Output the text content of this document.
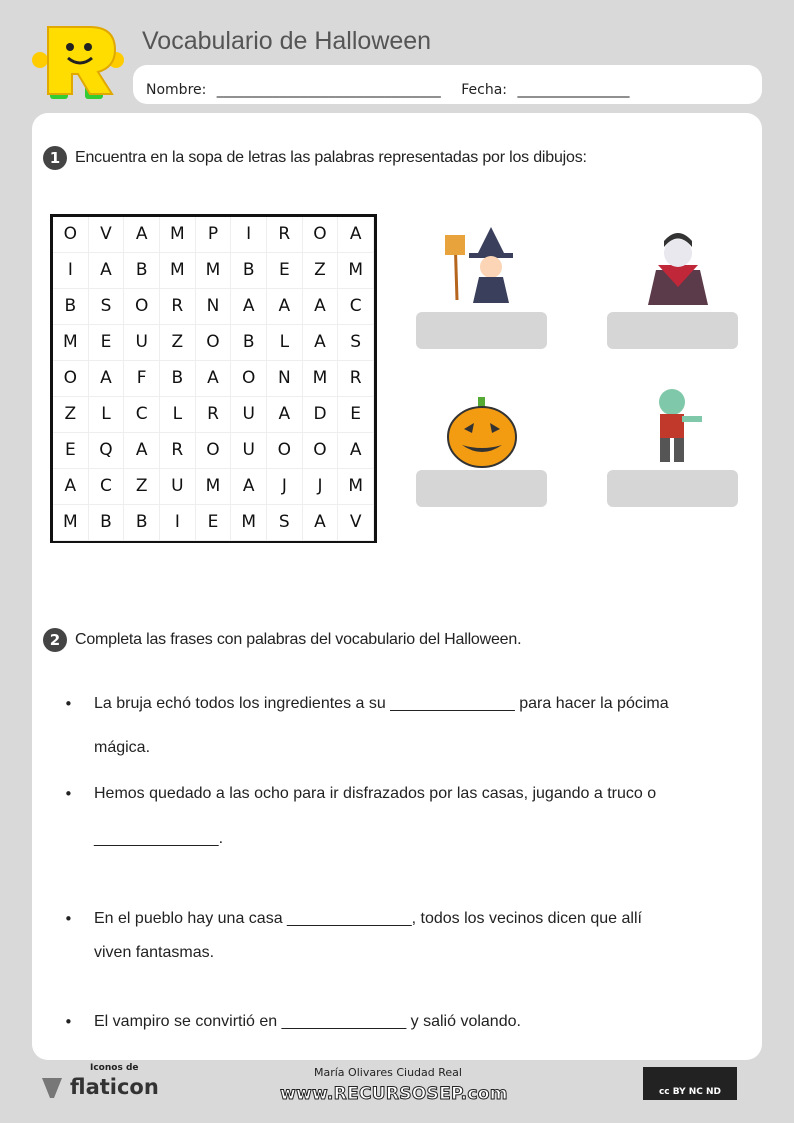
Vocabulario de Halloween
Nombre: ________________________________ Fecha: ________________
1 Encuentra en la sopa de letras las palabras representadas por los dibujos:
O	V	A	M	P	I	R	O	A
I	A	B	M	M	B	E	Z	M
B	S	O	R	N	A	A	A	C
M	E	U	Z	O	B	L	A	S
O	A	F	B	A	O	N	M	R
Z	L	C	L	R	U	A	D	E
E	Q	A	R	O	U	O	O	A
A	C	Z	U	M	A	J	J	M
M	B	B	I	E	M	S	A	V
2 Completa las frases con palabras del vocabulario del Halloween.
• La bruja echó todos los ingredientes a su ______________ para hacer la pócima
mágica.
• Hemos quedado a las ocho para ir disfrazados por las casas, jugando a truco o
______________.
• En el pueblo hay una casa ______________, todos los vecinos dicen que allí
viven fantasmas.
• El vampiro se convirtió en ______________ y salió volando.
Iconos de
flaticon
María Olivares Ciudad Real
www.RECURSOSEP.com	cc BY NC ND
